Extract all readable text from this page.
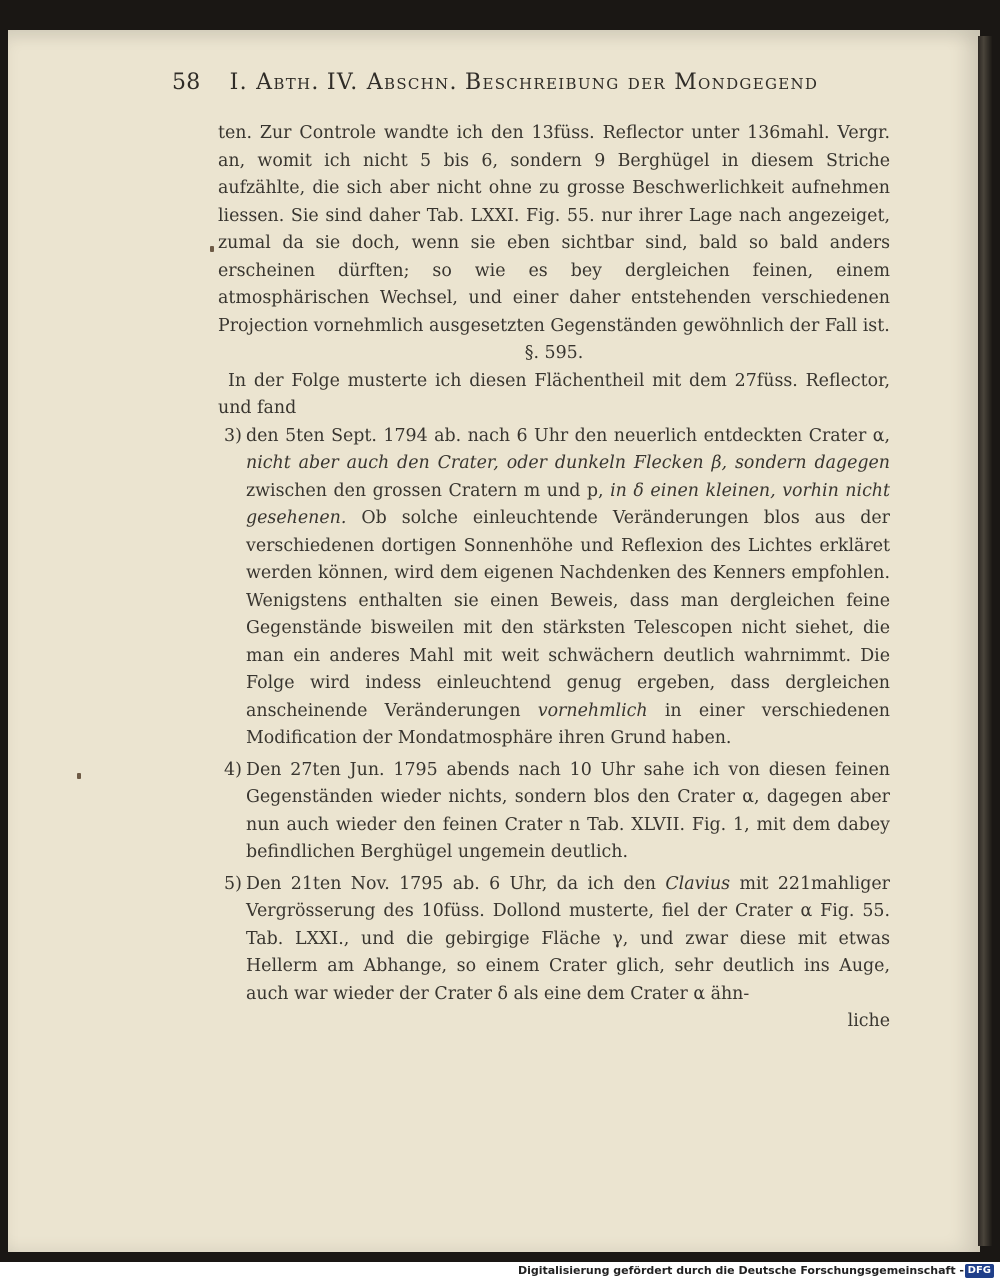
58 I. Abth. IV. Abschn. Beschreibung der Mondgegend

ten. Zur Controle wandte ich den 13füss. Reflector unter 136mahl. Vergr. an, womit ich nicht 5 bis 6, sondern 9 Berghügel in diesem Striche aufzählte, die sich aber nicht ohne zu grosse Beschwerlichkeit aufnehmen liessen. Sie sind daher Tab. LXXI. Fig. 55. nur ihrer Lage nach angezeiget, zumal da sie doch, wenn sie eben sichtbar sind, bald so bald anders erscheinen dürften; so wie es bey dergleichen feinen, einem atmosphärischen Wechsel, und einer daher entstehenden verschiedenen Projection vornehmlich ausgesetzten Gegenständen gewöhnlich der Fall ist.

§. 595.

In der Folge musterte ich diesen Flächentheil mit dem 27füss. Reflector, und fand

3) den 5ten Sept. 1794 ab. nach 6 Uhr den neuerlich entdeckten Crater α, nicht aber auch den Crater, oder dunkeln Flecken β, sondern dagegen zwischen den grossen Cratern m und p, in δ einen kleinen, vorhin nicht gesehenen. Ob solche einleuchtende Veränderungen blos aus der verschiedenen dortigen Sonnenhöhe und Reflexion des Lichtes erkläret werden können, wird dem eigenen Nachdenken des Kenners empfohlen. Wenigstens enthalten sie einen Beweis, dass man dergleichen feine Gegenstände bisweilen mit den stärksten Telescopen nicht siehet, die man ein anderes Mahl mit weit schwächern deutlich wahrnimmt. Die Folge wird indess einleuchtend genug ergeben, dass dergleichen anscheinende Veränderungen vornehmlich in einer verschiedenen Modification der Mondatmosphäre ihren Grund haben.

4) Den 27ten Jun. 1795 abends nach 10 Uhr sahe ich von diesen feinen Gegenständen wieder nichts, sondern blos den Crater α, dagegen aber nun auch wieder den feinen Crater n Tab. XLVII. Fig. 1, mit dem dabey befindlichen Berghügel ungemein deutlich.

5) Den 21ten Nov. 1795 ab. 6 Uhr, da ich den Clavius mit 221mahliger Vergrösserung des 10füss. Dollond musterte, fiel der Crater α Fig. 55. Tab. LXXI., und die gebirgige Fläche γ, und zwar diese mit etwas Hellerm am Abhange, so einem Crater glich, sehr deutlich ins Auge, auch war wieder der Crater δ als eine dem Crater α ähn-

liche

Digitalisierung gefördert durch die Deutsche Forschungsgemeinschaft - DFG
